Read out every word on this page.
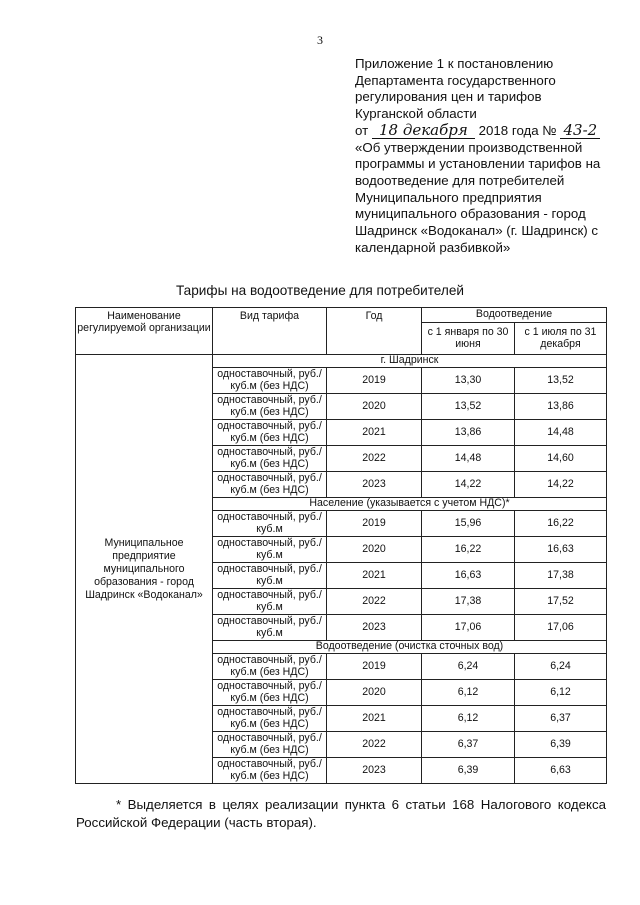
3
Приложение 1 к постановлению
Департамента государственного
регулирования цен и тарифов
Курганской области
от 18 декабря 2018 года № 43-2
«Об утверждении производственной
программы и установлении тарифов на
водоотведение для потребителей
Муниципального предприятия
муниципального образования - город
Шадринск «Водоканал» (г. Шадринск) с
календарной разбивкой»
Тарифы на водоотведение для потребителей
Наименование регулируемой организации	Вид тарифа	Год	Водоотведение	
			с 1 января по 30 июня	с 1 июля по 31 декабря
Муниципальное предприятие муниципального образования - город Шадринск «Водоканал»	г. Шадринск			
	одноставочный, руб./куб.м (без НДС)	2019	13,30	13,52
	одноставочный, руб./куб.м (без НДС)	2020	13,52	13,86
	одноставочный, руб./куб.м (без НДС)	2021	13,86	14,48
	одноставочный, руб./куб.м (без НДС)	2022	14,48	14,60
	одноставочный, руб./куб.м (без НДС)	2023	14,22	14,22
	Население (указывается с учетом НДС)*			
	одноставочный, руб./куб.м	2019	15,96	16,22
	одноставочный, руб./куб.м	2020	16,22	16,63
	одноставочный, руб./куб.м	2021	16,63	17,38
	одноставочный, руб./куб.м	2022	17,38	17,52
	одноставочный, руб./куб.м	2023	17,06	17,06
	Водоотведение (очистка сточных вод)			
	одноставочный, руб./куб.м (без НДС)	2019	6,24	6,24
	одноставочный, руб./куб.м (без НДС)	2020	6,12	6,12
	одноставочный, руб./куб.м (без НДС)	2021	6,12	6,37
	одноставочный, руб./куб.м (без НДС)	2022	6,37	6,39
	одноставочный, руб./куб.м (без НДС)	2023	6,39	6,63
* Выделяется в целях реализации пункта 6 статьи 168 Налогового кодекса Российской Федерации (часть вторая).
